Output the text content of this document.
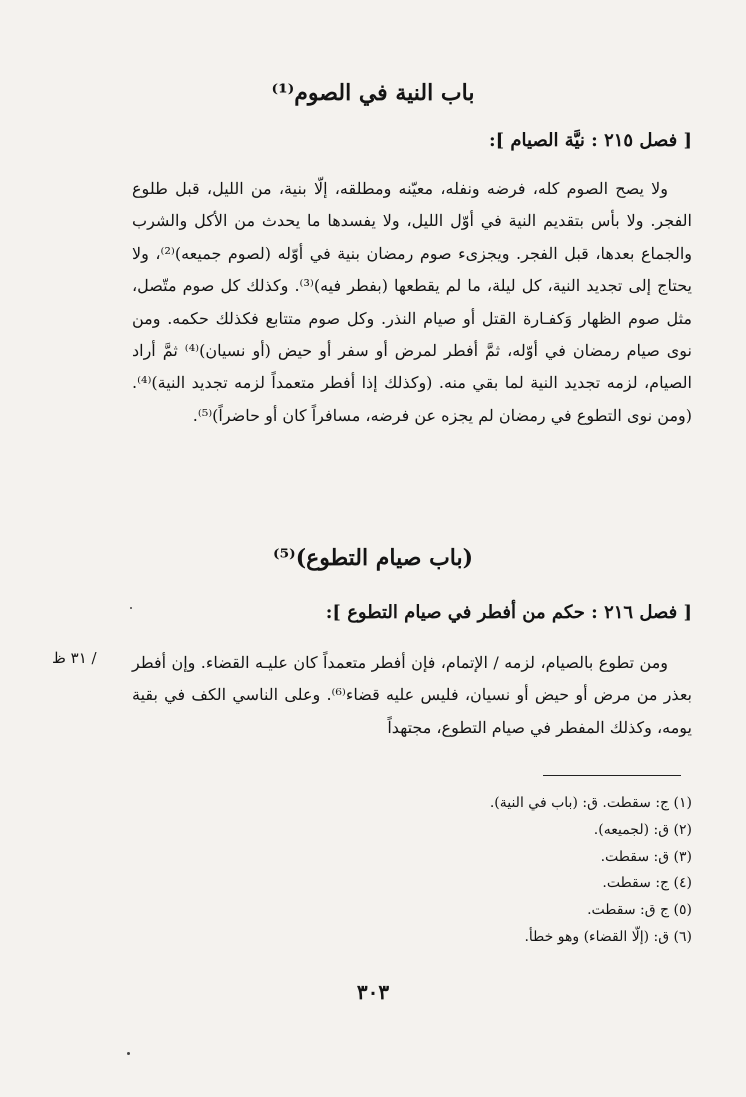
باب النية في الصوم⁽¹⁾
[ فصل ٢١٥ : نيَّة الصيام ]:

ولا يصح الصوم كله، فرضه ونفله، معيّنه ومطلقه، إلّا بنية، من الليل، قبل طلوع الفجر. ولا بأس بتقديم النية في أوّل الليل، ولا يفسدها ما يحدث من الأكل والشرب والجماع بعدها، قبل الفجر. ويجزىء صوم رمضان بنية في أوّله (لصوم جميعه)⁽²⁾، ولا يحتاج إلى تجديد النية، كل ليلة، ما لم يقطعها (بفطر فيه)⁽³⁾. وكذلك كل صوم متّصل، مثل صوم الظهار وَكفـارة القتل أو صيام النذر. وكل صوم متتابع فكذلك حكمه. ومن نوى صيام رمضان في أوّله، ثمَّ أفطر لمرض أو سفر أو حيض (أو نسيان)⁽⁴⁾ ثمَّ أراد الصيام، لزمه تجديد النية لما بقي منه. (وكذلك إذا أفطر متعمداً لزمه تجديد النية)⁽⁴⁾. (ومن نوى التطوع في رمضان لم يجزه عن فرضه، مسافراً كان أو حاضراً)⁽⁵⁾.

(باب صيام التطوع)⁽⁵⁾
[ فصل ٢١٦ : حكم من أفطر في صيام التطوع ]:
/ ٣١ ظ	ومن تطوع بالصيام، لزمه / الإتمام، فإن أفطر متعمداً كان عليـه القضاء. وإن أفطر بعذر من مرض أو حيض أو نسيان، فليس عليه قضاء⁽⁶⁾. وعلى الناسي الكف في بقية يومه، وكذلك المفطر في صيام التطوع، مجتهداً

(١) ج: سقطت. ق: (باب في النية).
(٢) ق: (لجميعه).
(٣) ق: سقطت.
(٤) ج: سقطت.
(٥) ج ق: سقطت.
(٦) ق: (إلّا القضاء) وهو خطأ.
٣٠٣
